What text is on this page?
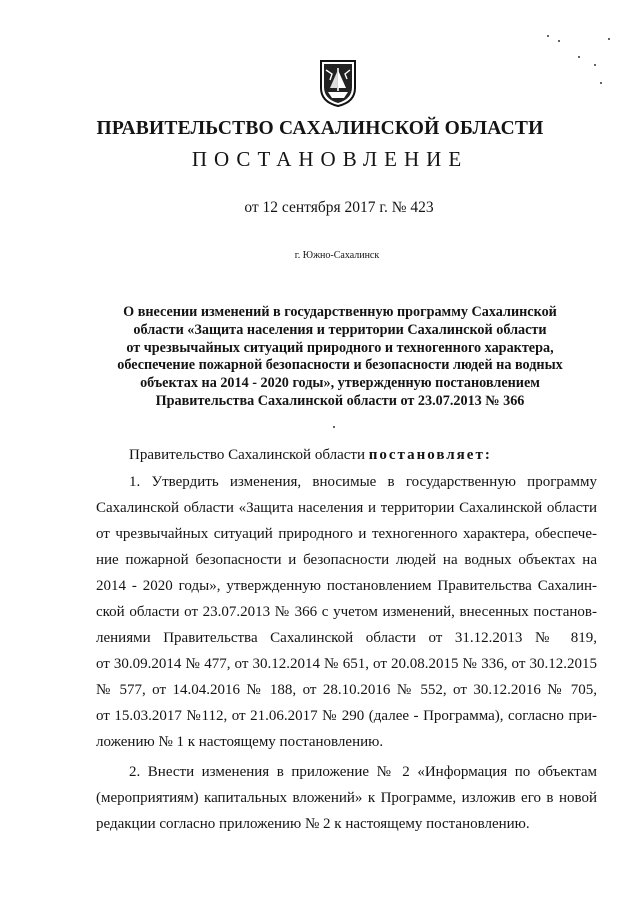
ПРАВИТЕЛЬСТВО САХАЛИНСКОЙ ОБЛАСТИ
ПОСТАНОВЛЕНИЕ
от 12 сентября 2017 г. № 423
г. Южно-Сахалинск
О внесении изменений в государственную программу Сахалинской
области «Защита населения и территории Сахалинской области
от чрезвычайных ситуаций природного и техногенного характера,
обеспечение пожарной безопасности и безопасности людей на водных
объектах на 2014 - 2020 годы», утвержденную постановлением
Правительства Сахалинской области от 23.07.2013 № 366
Правительство Сахалинской области постановляет:
1. Утвердить изменения, вносимые в государственную программу
Сахалинской области «Защита населения и территории Сахалинской области
от чрезвычайных ситуаций природного и техногенного характера, обеспече-
ние пожарной безопасности и безопасности людей на водных объектах на
2014 - 2020 годы», утвержденную постановлением Правительства Сахалин-
ской области от 23.07.2013 № 366 с учетом изменений, внесенных постанов-
лениями Правительства Сахалинской области от 31.12.2013 № 819,
от 30.09.2014 № 477, от 30.12.2014 № 651, от 20.08.2015 № 336, от 30.12.2015
№ 577, от 14.04.2016 № 188, от 28.10.2016 № 552, от 30.12.2016 № 705,
от 15.03.2017 №112, от 21.06.2017 № 290 (далее - Программа), согласно при-
ложению № 1 к настоящему постановлению.
2. Внести изменения в приложение № 2 «Информация по объектам
(мероприятиям) капитальных вложений» к Программе, изложив его в новой
редакции согласно приложению № 2 к настоящему постановлению.
